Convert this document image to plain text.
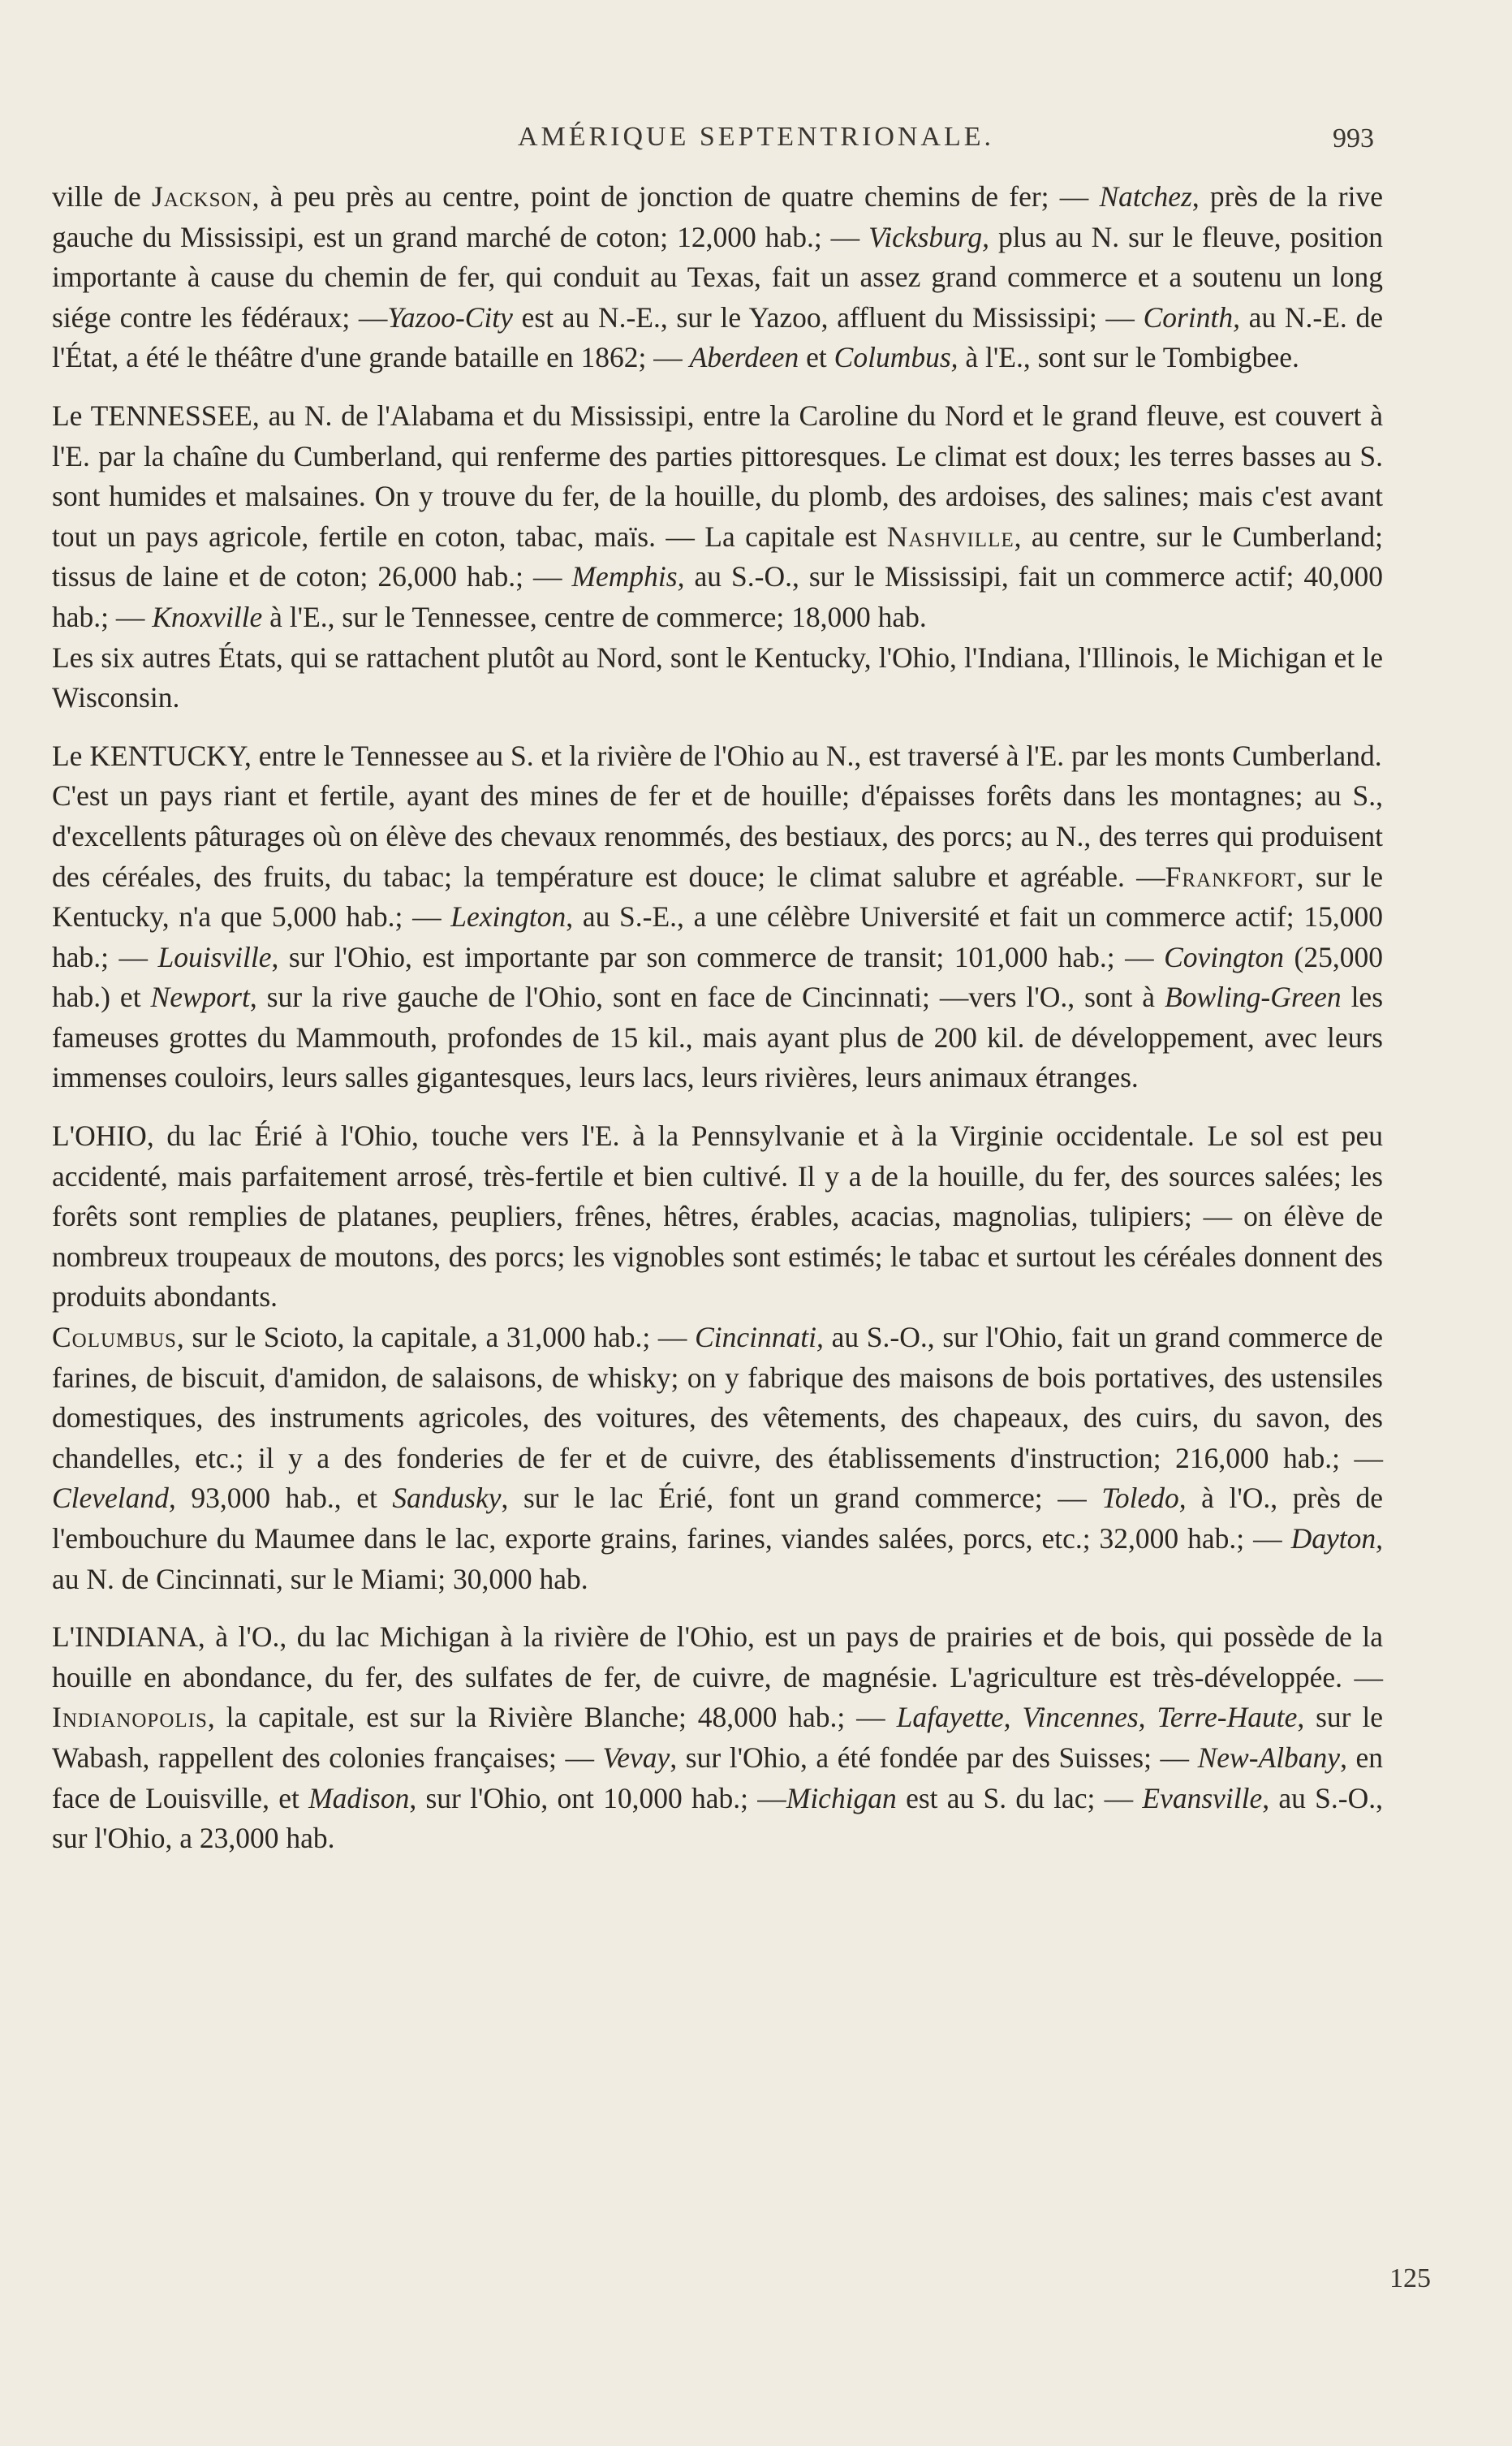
AMÉRIQUE SEPTENTRIONALE.	993

ville de Jackson, à peu près au centre, point de jonction de quatre chemins de fer; — Natchez, près de la rive gauche du Mississipi, est un grand marché de coton; 12,000 hab.; — Vicksburg, plus au N. sur le fleuve, position importante à cause du chemin de fer, qui conduit au Texas, fait un assez grand commerce et a soutenu un long siége contre les fédéraux; —Yazoo-City est au N.-E., sur le Yazoo, affluent du Mississipi; — Corinth, au N.-E. de l'État, a été le théâtre d'une grande bataille en 1862; — Aberdeen et Columbus, à l'E., sont sur le Tombigbee.

Le TENNESSEE, au N. de l'Alabama et du Mississipi, entre la Caroline du Nord et le grand fleuve, est couvert à l'E. par la chaîne du Cumberland, qui renferme des parties pittoresques. Le climat est doux; les terres basses au S. sont humides et malsaines. On y trouve du fer, de la houille, du plomb, des ardoises, des salines; mais c'est avant tout un pays agricole, fertile en coton, tabac, maïs. — La capitale est Nashville, au centre, sur le Cumberland; tissus de laine et de coton; 26,000 hab.; — Memphis, au S.-O., sur le Mississipi, fait un commerce actif; 40,000 hab.; — Knoxville à l'E., sur le Tennessee, centre de commerce; 18,000 hab.

Les six autres États, qui se rattachent plutôt au Nord, sont le Kentucky, l'Ohio, l'Indiana, l'Illinois, le Michigan et le Wisconsin.

Le KENTUCKY, entre le Tennessee au S. et la rivière de l'Ohio au N., est traversé à l'E. par les monts Cumberland.

C'est un pays riant et fertile, ayant des mines de fer et de houille; d'épaisses forêts dans les montagnes; au S., d'excellents pâturages où on élève des chevaux renommés, des bestiaux, des porcs; au N., des terres qui produisent des céréales, des fruits, du tabac; la température est douce; le climat salubre et agréable. —Frankfort, sur le Kentucky, n'a que 5,000 hab.; — Lexington, au S.-E., a une célèbre Université et fait un commerce actif; 15,000 hab.; — Louisville, sur l'Ohio, est importante par son commerce de transit; 101,000 hab.; — Covington (25,000 hab.) et Newport, sur la rive gauche de l'Ohio, sont en face de Cincinnati; —vers l'O., sont à Bowling-Green les fameuses grottes du Mammouth, profondes de 15 kil., mais ayant plus de 200 kil. de développement, avec leurs immenses couloirs, leurs salles gigantesques, leurs lacs, leurs rivières, leurs animaux étranges.

L'OHIO, du lac Érié à l'Ohio, touche vers l'E. à la Pennsylvanie et à la Virginie occidentale. Le sol est peu accidenté, mais parfaitement arrosé, très-fertile et bien cultivé. Il y a de la houille, du fer, des sources salées; les forêts sont remplies de platanes, peupliers, frênes, hêtres, érables, acacias, magnolias, tulipiers; — on élève de nombreux troupeaux de moutons, des porcs; les vignobles sont estimés; le tabac et surtout les céréales donnent des produits abondants.

Columbus, sur le Scioto, la capitale, a 31,000 hab.; — Cincinnati, au S.-O., sur l'Ohio, fait un grand commerce de farines, de biscuit, d'amidon, de salaisons, de whisky; on y fabrique des maisons de bois portatives, des ustensiles domestiques, des instruments agricoles, des voitures, des vêtements, des chapeaux, des cuirs, du savon, des chandelles, etc.; il y a des fonderies de fer et de cuivre, des établissements d'instruction; 216,000 hab.; — Cleveland, 93,000 hab., et Sandusky, sur le lac Érié, font un grand commerce; — Toledo, à l'O., près de l'embouchure du Maumee dans le lac, exporte grains, farines, viandes salées, porcs, etc.; 32,000 hab.; — Dayton, au N. de Cincinnati, sur le Miami; 30,000 hab.

L'INDIANA, à l'O., du lac Michigan à la rivière de l'Ohio, est un pays de prairies et de bois, qui possède de la houille en abondance, du fer, des sulfates de fer, de cuivre, de magnésie. L'agriculture est très-développée. — Indianopolis, la capitale, est sur la Rivière Blanche; 48,000 hab.; — Lafayette, Vincennes, Terre-Haute, sur le Wabash, rappellent des colonies françaises; — Vevay, sur l'Ohio, a été fondée par des Suisses; — New-Albany, en face de Louisville, et Madison, sur l'Ohio, ont 10,000 hab.; —Michigan est au S. du lac; — Evansville, au S.-O., sur l'Ohio, a 23,000 hab.

125
